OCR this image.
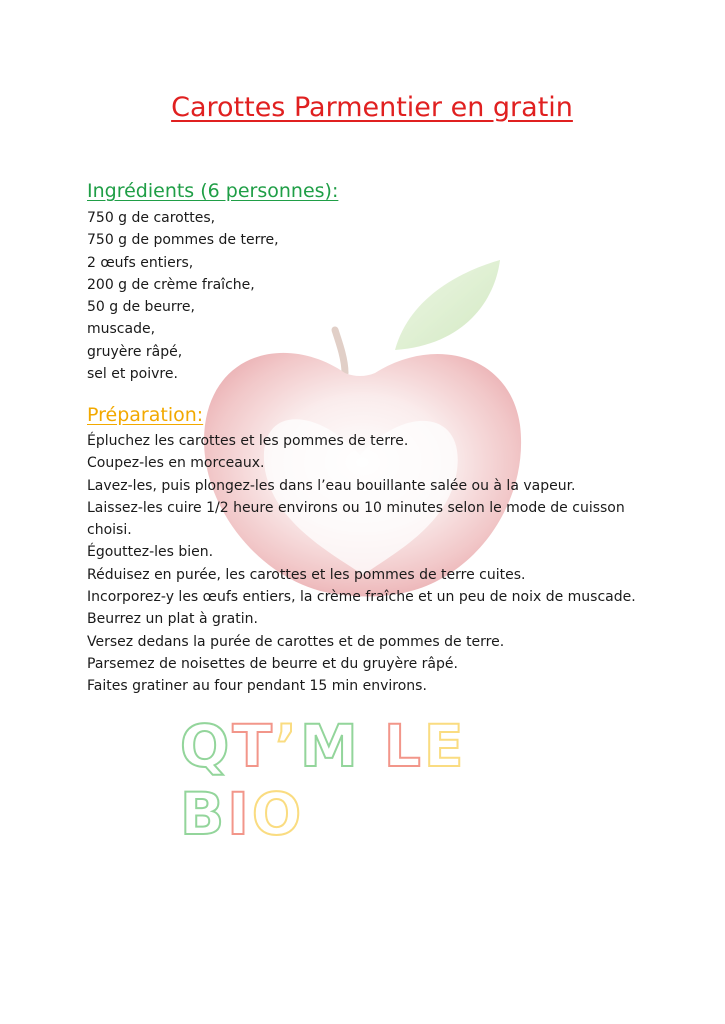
QT’M LE BIO
Carottes Parmentier en gratin
Ingrédients (6 personnes):
750 g de carottes,
750 g de pommes de terre,
2 œufs entiers,
200 g de crème fraîche,
50 g de beurre,
muscade,
gruyère râpé,
sel et poivre.
Préparation:
Épluchez les carottes et les pommes de terre.
Coupez-les en morceaux.
Lavez-les, puis plongez-les dans l’eau bouillante salée ou à la vapeur.
Laissez-les cuire 1/2 heure environs ou 10 minutes selon le mode de cuisson choisi.
Égouttez-les bien.
Réduisez en purée, les carottes et les pommes de terre cuites.
Incorporez-y les œufs entiers, la crème fraîche et un peu de noix de muscade.
Beurrez un plat à gratin.
Versez dedans la purée de carottes et de pommes de terre.
Parsemez de noisettes de beurre et du gruyère râpé.
Faites gratiner au four pendant 15 min environs.
